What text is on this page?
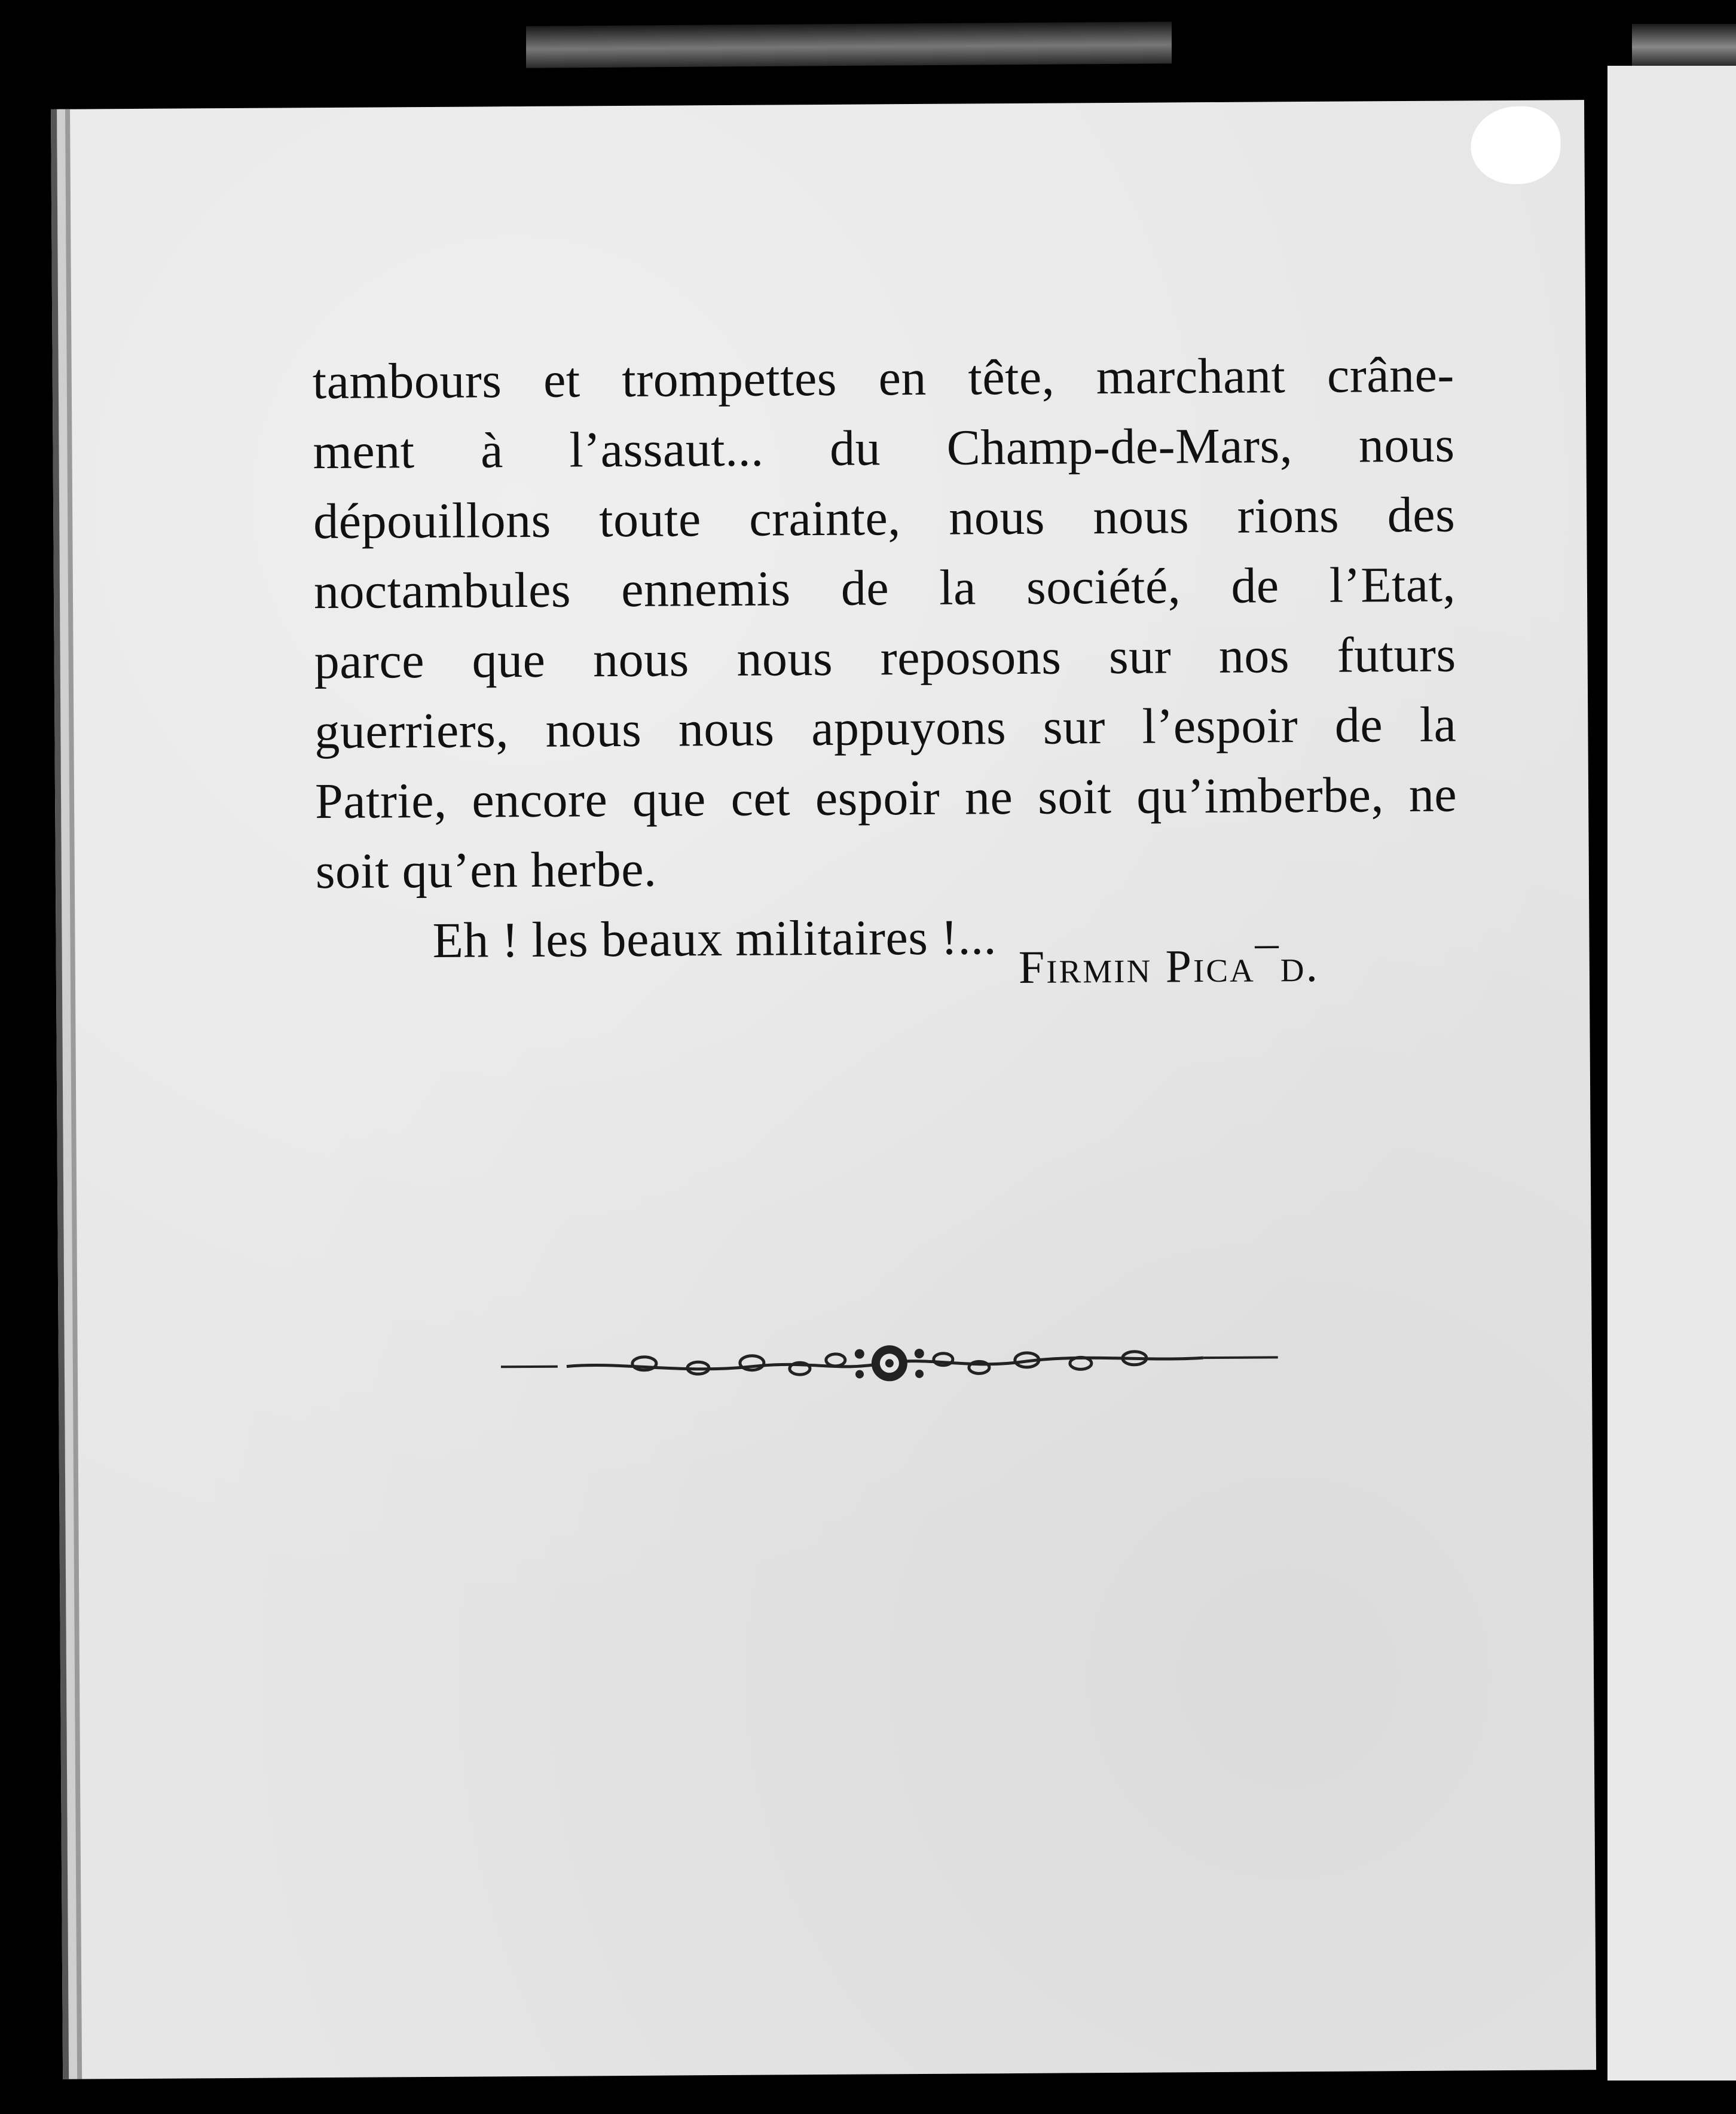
tambours et trompettes en tête, marchant crâne-
ment à l’assaut... du Champ-de-Mars, nous
dépouillons toute crainte, nous nous rions des
noctambules ennemis de la société, de l’Etat,
parce que nous nous reposons sur nos futurs
guerriers, nous nous appuyons sur l’espoir de la
Patrie, encore que cet espoir ne soit qu’imberbe, ne
soit qu’en herbe.
Eh ! les beaux militaires !... Firmin Pica¯d.
